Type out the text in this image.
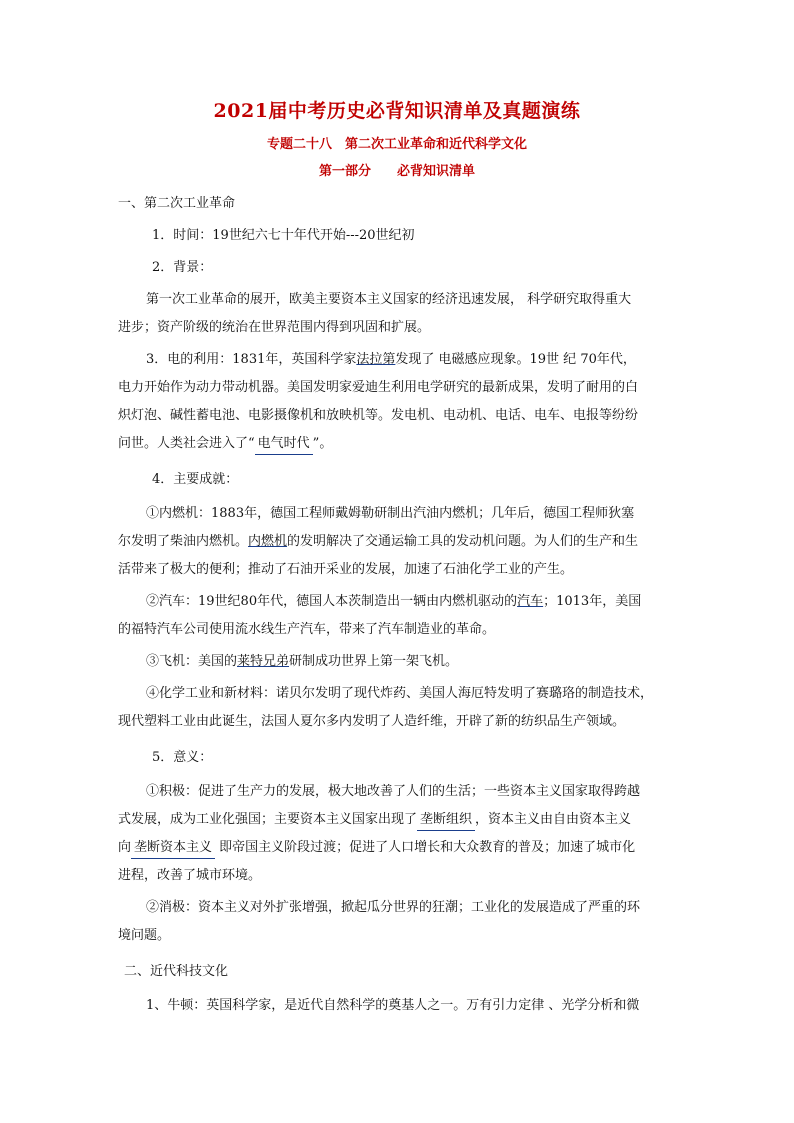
2021届中考历史必背知识清单及真题演练
专题二十八　第二次工业革命和近代科学文化
第一部分 必背知识清单
一、第二次工业革命
1．时间：19世纪六七十年代开始---20世纪初
2．背景：
第一次工业革命的展开，欧美主要资本主义国家的经济迅速发展， 科学研究取得重大
进步；资产阶级的统治在世界范围内得到巩固和扩展。
3．电的利用：1831年，英国科学家法拉第发现了 电磁感应现象。19世 纪 70年代，
电力开始作为动力带动机器。美国发明家爱迪生利用电学研究的最新成果，发明了耐用的白
炽灯泡、碱性蓄电池、电影摄像机和放映机等。发电机、电动机、电话、电车、电报等纷纷
问世。人类社会进入了“ 电气时代 ”。
4．主要成就：
①内燃机：1883年，德国工程师戴姆勒研制出汽油内燃机；几年后，德国工程师狄塞
尔发明了柴油内燃机。内燃机的发明解决了交通运输工具的发动机问题。为人们的生产和生
活带来了极大的便利；推动了石油开采业的发展，加速了石油化学工业的产生。
②汽车：19世纪80年代，德国人本茨制造出一辆由内燃机驱动的汽车；1013年，美国
的福特汽车公司使用流水线生产汽车，带来了汽车制造业的革命。
③飞机：美国的莱特兄弟研制成功世界上第一架飞机。
④化学工业和新材料：诺贝尔发明了现代炸药、美国人海厄特发明了赛璐珞的制造技术，
现代塑料工业由此诞生，法国人夏尔多内发明了人造纤维，开辟了新的纺织品生产领域。
5．意义：
①积极：促进了生产力的发展，极大地改善了人们的生活；一些资本主义国家取得跨越
式发展，成为工业化强国；主要资本主义国家出现了 垄断组织 ，资本主义由自由资本主义
向 垄断资本主义 即帝国主义阶段过渡；促进了人口增长和大众教育的普及；加速了城市化
进程，改善了城市环境。
②消极：资本主义对外扩张增强，掀起瓜分世界的狂潮；工业化的发展造成了严重的环
境问题。
二、近代科技文化
1、牛顿：英国科学家，是近代自然科学的奠基人之一。万有引力定律 、光学分析和微
